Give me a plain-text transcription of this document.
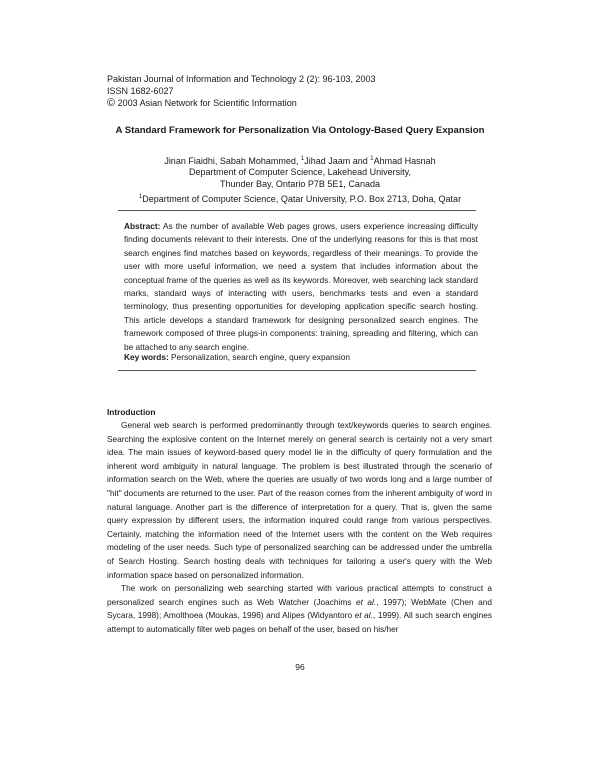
Pakistan Journal of Information and Technology 2 (2): 96-103, 2003
ISSN 1682-6027
© 2003 Asian Network for Scientific Information
A Standard Framework for Personalization Via Ontology-Based Query Expansion
Jinan Fiaidhi, Sabah Mohammed, $^1$Jihad Jaam and $^1$Ahmad Hasnah
Department of Computer Science, Lakehead University,
Thunder Bay, Ontario P7B 5E1, Canada
$^1$Department of Computer Science, Qatar University, P.O. Box 2713, Doha, Qatar
Abstract: As the number of available Web pages grows, users experience increasing difficulty finding documents relevant to their interests. One of the underlying reasons for this is that most search engines find matches based on keywords, regardless of their meanings. To provide the user with more useful information, we need a system that includes information about the conceptual frame of the queries as well as its keywords. Moreover, web searching lack standard marks, standard ways of interacting with users, benchmarks tests and even a standard terminology, thus presenting opportunities for developing application specific search hosting. This article develops a standard framework for designing personalized search engines. The framework composed of three plugs-in components: training, spreading and filtering, which can be attached to any search engine.
Key words: Personalization, search engine, query expansion
Introduction

General web search is performed predominantly through text/keywords queries to search engines. Searching the explosive content on the Internet merely on general search is certainly not a very smart idea. The main issues of keyword-based query model lie in the difficulty of query formulation and the inherent word ambiguity in natural language. The problem is best illustrated through the scenario of information search on the Web, where the queries are usually of two words long and a large number of "hit" documents are returned to the user. Part of the reason comes from the inherent ambiguity of word in natural language. Another part is the difference of interpretation for a query. That is, given the same query expression by different users, the information inquired could range from various perspectives. Certainly, matching the information need of the Internet users with the content on the Web requires modeling of the user needs. Such type of personalized searching can be addressed under the umbrella of Search Hosting. Search hosting deals with techniques for tailoring a user's query with the Web information space based on personalized information.

The work on personalizing web searching started with various practical attempts to construct a personalized search engines such as Web Watcher (Joachims et al., 1997); WebMate (Chen and Sycara, 1998); Amolthoea (Moukas, 1996) and Alipes (Widyantoro et al., 1999). All such search engines attempt to automatically filter web pages on behalf of the user, based on his/her

96
